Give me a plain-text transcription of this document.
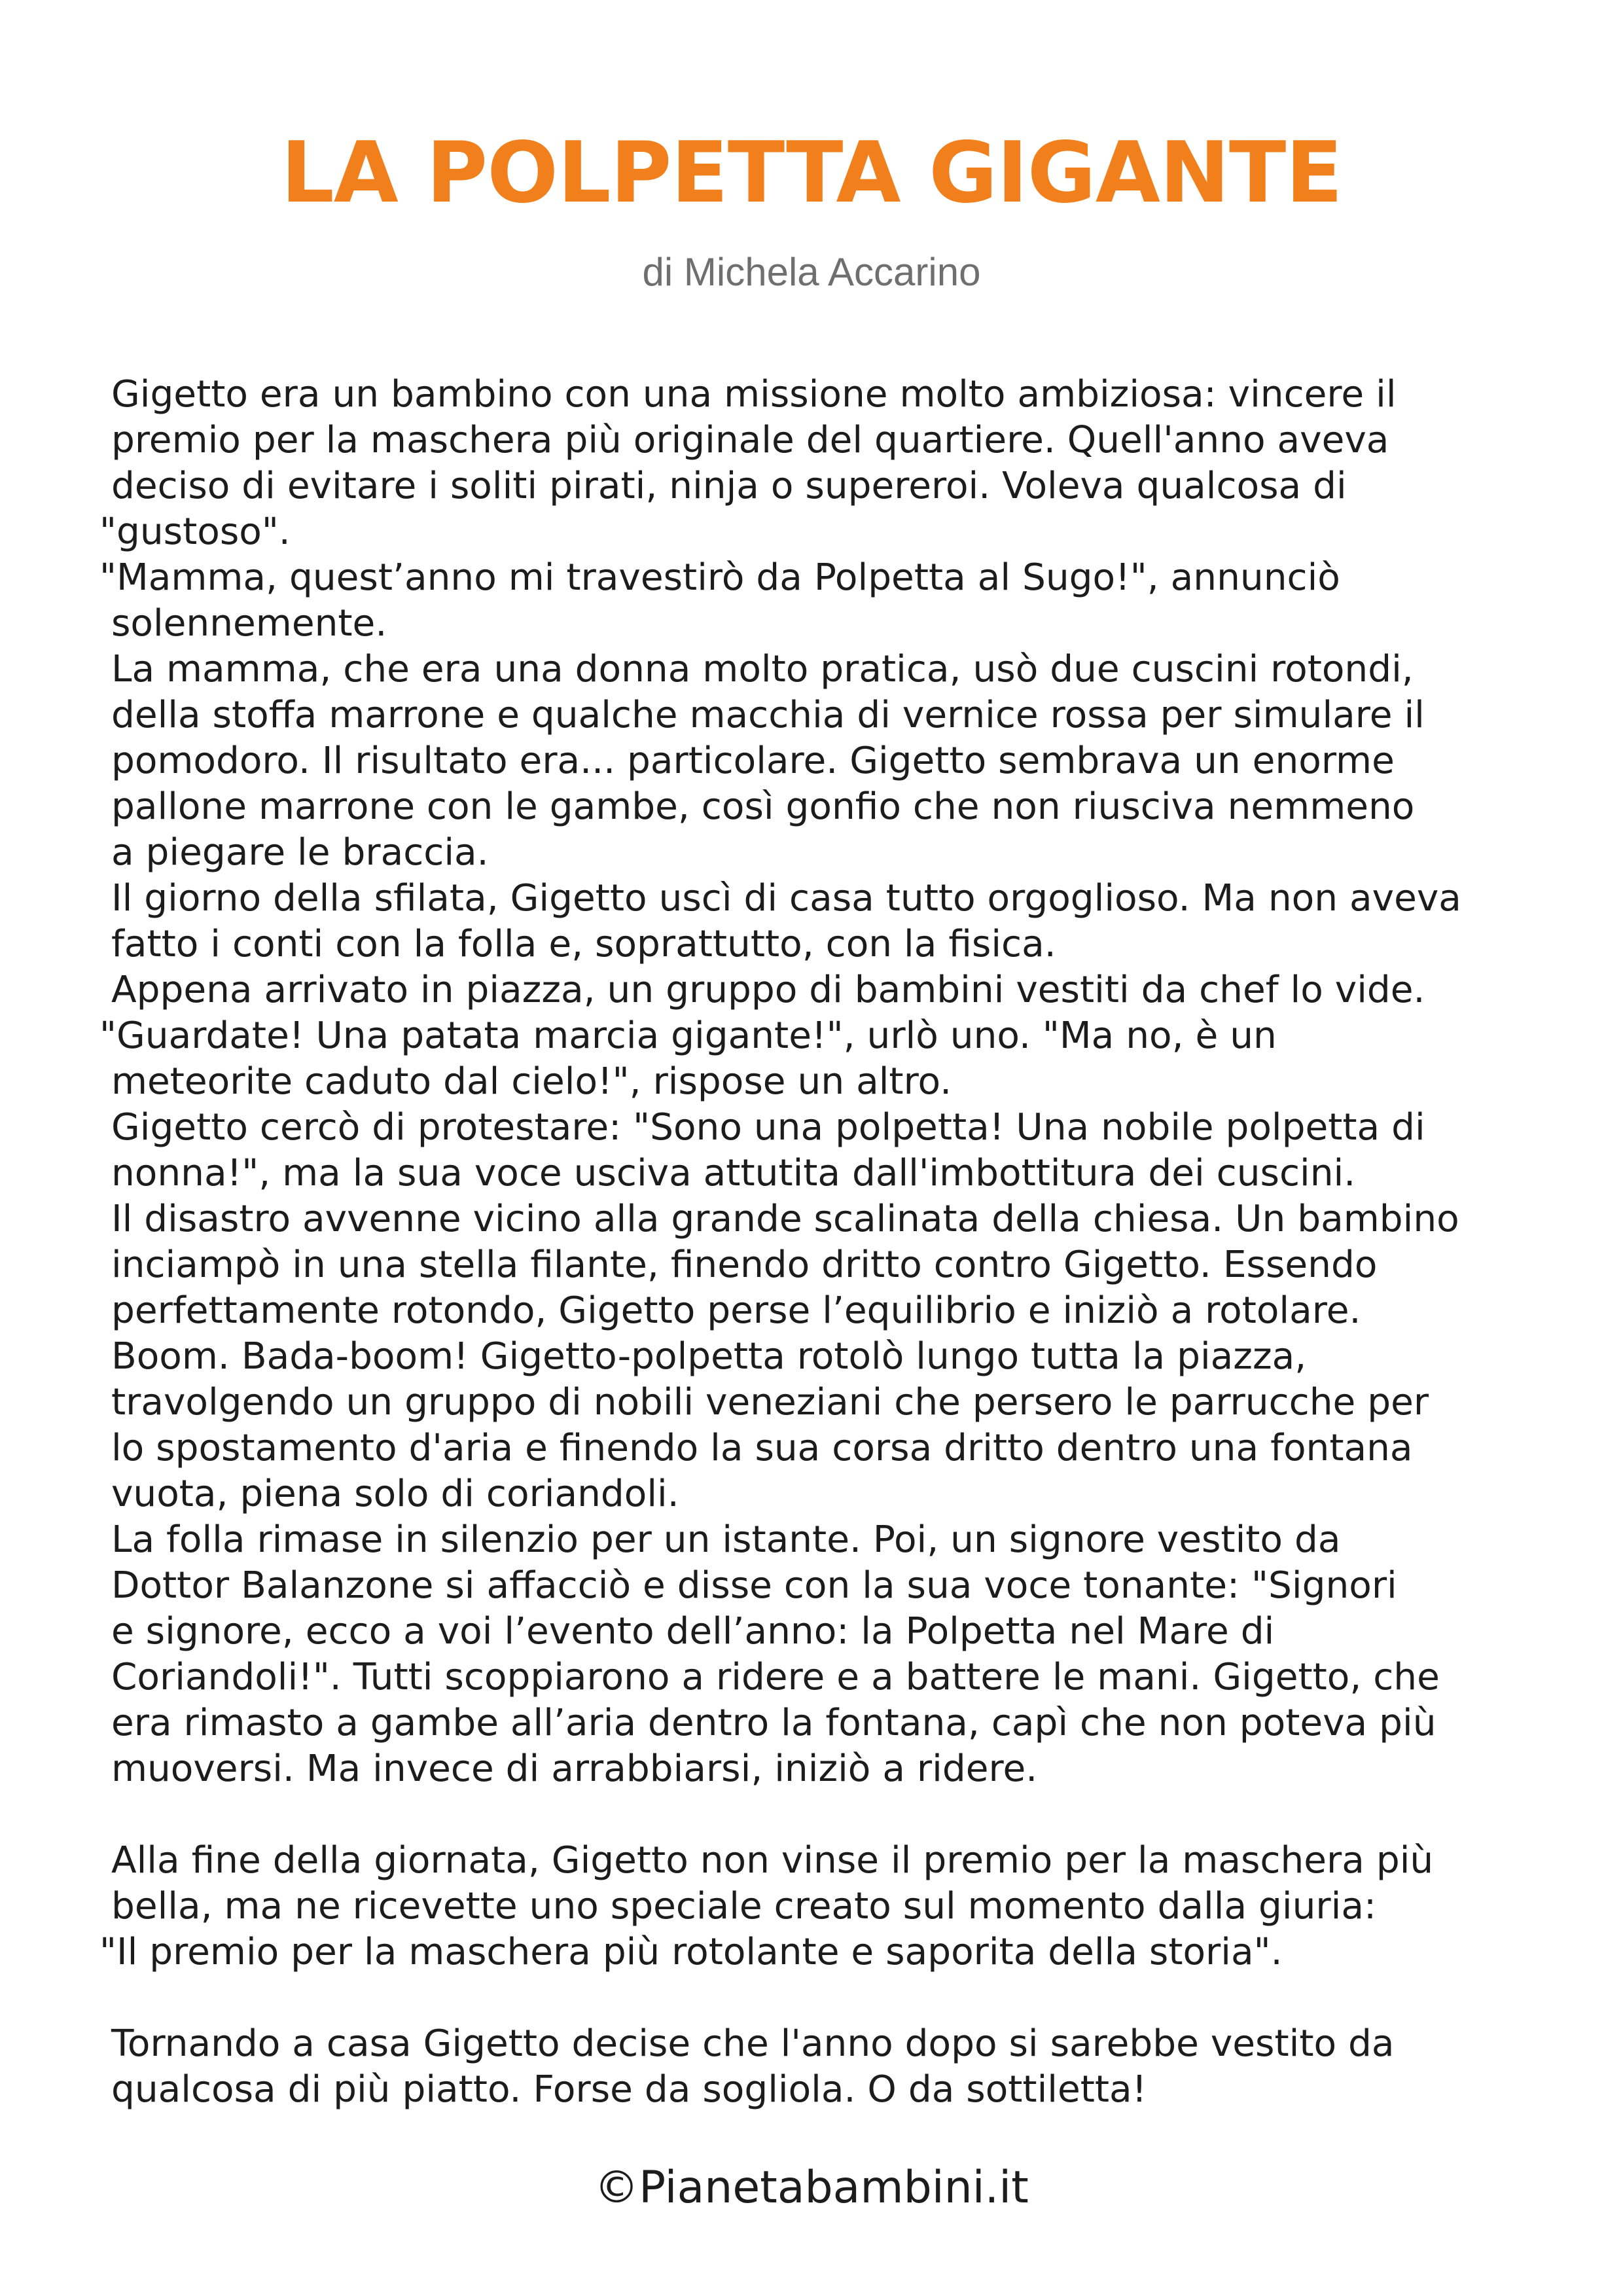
LA POLPETTA GIGANTE
di Michela Accarino
Gigetto era un bambino con una missione molto ambiziosa: vincere il
premio per la maschera più originale del quartiere. Quell'anno aveva
deciso di evitare i soliti pirati, ninja o supereroi. Voleva qualcosa di
"gustoso".
"Mamma, quest’anno mi travestirò da Polpetta al Sugo!", annunciò
solennemente.
La mamma, che era una donna molto pratica, usò due cuscini rotondi,
della stoffa marrone e qualche macchia di vernice rossa per simulare il
pomodoro. Il risultato era... particolare. Gigetto sembrava un enorme
pallone marrone con le gambe, così gonfio che non riusciva nemmeno
a piegare le braccia.
Il giorno della sfilata, Gigetto uscì di casa tutto orgoglioso. Ma non aveva
fatto i conti con la folla e, soprattutto, con la fisica.
Appena arrivato in piazza, un gruppo di bambini vestiti da chef lo vide.
"Guardate! Una patata marcia gigante!", urlò uno. "Ma no, è un
meteorite caduto dal cielo!", rispose un altro.
Gigetto cercò di protestare: "Sono una polpetta! Una nobile polpetta di
nonna!", ma la sua voce usciva attutita dall'imbottitura dei cuscini.
Il disastro avvenne vicino alla grande scalinata della chiesa. Un bambino
inciampò in una stella filante, finendo dritto contro Gigetto. Essendo
perfettamente rotondo, Gigetto perse l’equilibrio e iniziò a rotolare.
Boom. Bada-boom! Gigetto-polpetta rotolò lungo tutta la piazza,
travolgendo un gruppo di nobili veneziani che persero le parrucche per
lo spostamento d'aria e finendo la sua corsa dritto dentro una fontana
vuota, piena solo di coriandoli.
La folla rimase in silenzio per un istante. Poi, un signore vestito da
Dottor Balanzone si affacciò e disse con la sua voce tonante: "Signori
e signore, ecco a voi l’evento dell’anno: la Polpetta nel Mare di
Coriandoli!". Tutti scoppiarono a ridere e a battere le mani. Gigetto, che
era rimasto a gambe all’aria dentro la fontana, capì che non poteva più
muoversi. Ma invece di arrabbiarsi, iniziò a ridere.
Alla fine della giornata, Gigetto non vinse il premio per la maschera più
bella, ma ne ricevette uno speciale creato sul momento dalla giuria:
"Il premio per la maschera più rotolante e saporita della storia".
Tornando a casa Gigetto decise che l'anno dopo si sarebbe vestito da
qualcosa di più piatto. Forse da sogliola. O da sottiletta!
©Pianetabambini.it
